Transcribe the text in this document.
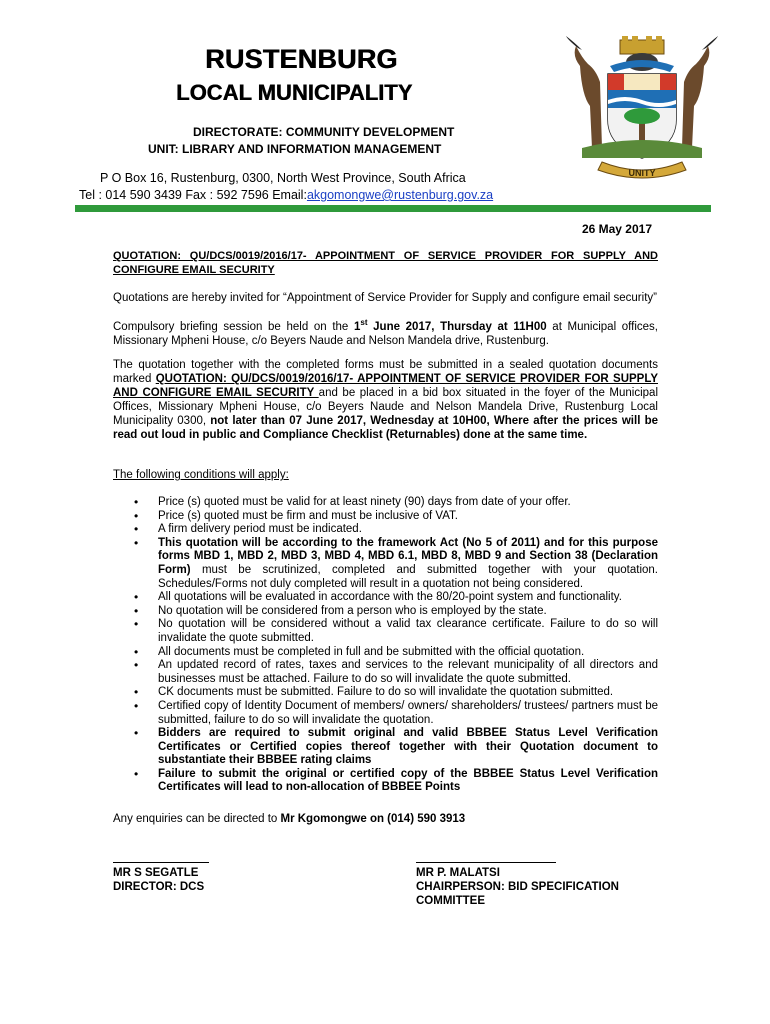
RUSTENBURG
LOCAL MUNICIPALITY
DIRECTORATE: COMMUNITY DEVELOPMENT
UNIT: LIBRARY AND INFORMATION MANAGEMENT
P O Box 16, Rustenburg, 0300, North West Province, South Africa
Tel : 014 590 3439 Fax : 592 7596 Email:akgomongwe@rustenburg.gov.za
UNITY
26 May 2017
QUOTATION: QU/DCS/0019/2016/17- APPOINTMENT OF SERVICE PROVIDER FOR SUPPLY AND CONFIGURE EMAIL SECURITY
Quotations are hereby invited for “Appointment of Service Provider for Supply and configure email security”
Compulsory briefing session be held on the 1st June 2017, Thursday at 11H00 at Municipal offices, Missionary Mpheni House, c/o Beyers Naude and Nelson Mandela drive, Rustenburg.
The quotation together with the completed forms must be submitted in a sealed quotation documents marked QUOTATION: QU/DCS/0019/2016/17- APPOINTMENT OF SERVICE PROVIDER FOR SUPPLY AND CONFIGURE EMAIL SECURITY and be placed in a bid box situated in the foyer of the Municipal Offices, Missionary Mpheni House, c/o Beyers Naude and Nelson Mandela Drive, Rustenburg Local Municipality 0300, not later than 07 June 2017, Wednesday at 10H00, Where after the prices will be read out loud in public and Compliance Checklist (Returnables) done at the same time.
The following conditions will apply:
• Price (s) quoted must be valid for at least ninety (90) days from date of your offer.
• Price (s) quoted must be firm and must be inclusive of VAT.
• A firm delivery period must be indicated.
• This quotation will be according to the framework Act (No 5 of 2011) and for this purpose forms MBD 1, MBD 2, MBD 3, MBD 4, MBD 6.1, MBD 8, MBD 9 and Section 38 (Declaration Form) must be scrutinized, completed and submitted together with your quotation. Schedules/Forms not duly completed will result in a quotation not being considered.
• All quotations will be evaluated in accordance with the 80/20-point system and functionality.
• No quotation will be considered from a person who is employed by the state.
• No quotation will be considered without a valid tax clearance certificate. Failure to do so will invalidate the quote submitted.
• All documents must be completed in full and be submitted with the official quotation.
• An updated record of rates, taxes and services to the relevant municipality of all directors and businesses must be attached. Failure to do so will invalidate the quote submitted.
• CK documents must be submitted. Failure to do so will invalidate the quotation submitted.
• Certified copy of Identity Document of members/ owners/ shareholders/ trustees/ partners must be submitted, failure to do so will invalidate the quotation.
• Bidders are required to submit original and valid BBBEE Status Level Verification Certificates or Certified copies thereof together with their Quotation document to substantiate their BBBEE rating claims
• Failure to submit the original or certified copy of the BBBEE Status Level Verification Certificates will lead to non-allocation of BBBEE Points
Any enquiries can be directed to Mr Kgomongwe on (014) 590 3913
MR S SEGATLE
DIRECTOR: DCS
MR P. MALATSI
CHAIRPERSON: BID SPECIFICATION
COMMITTEE
